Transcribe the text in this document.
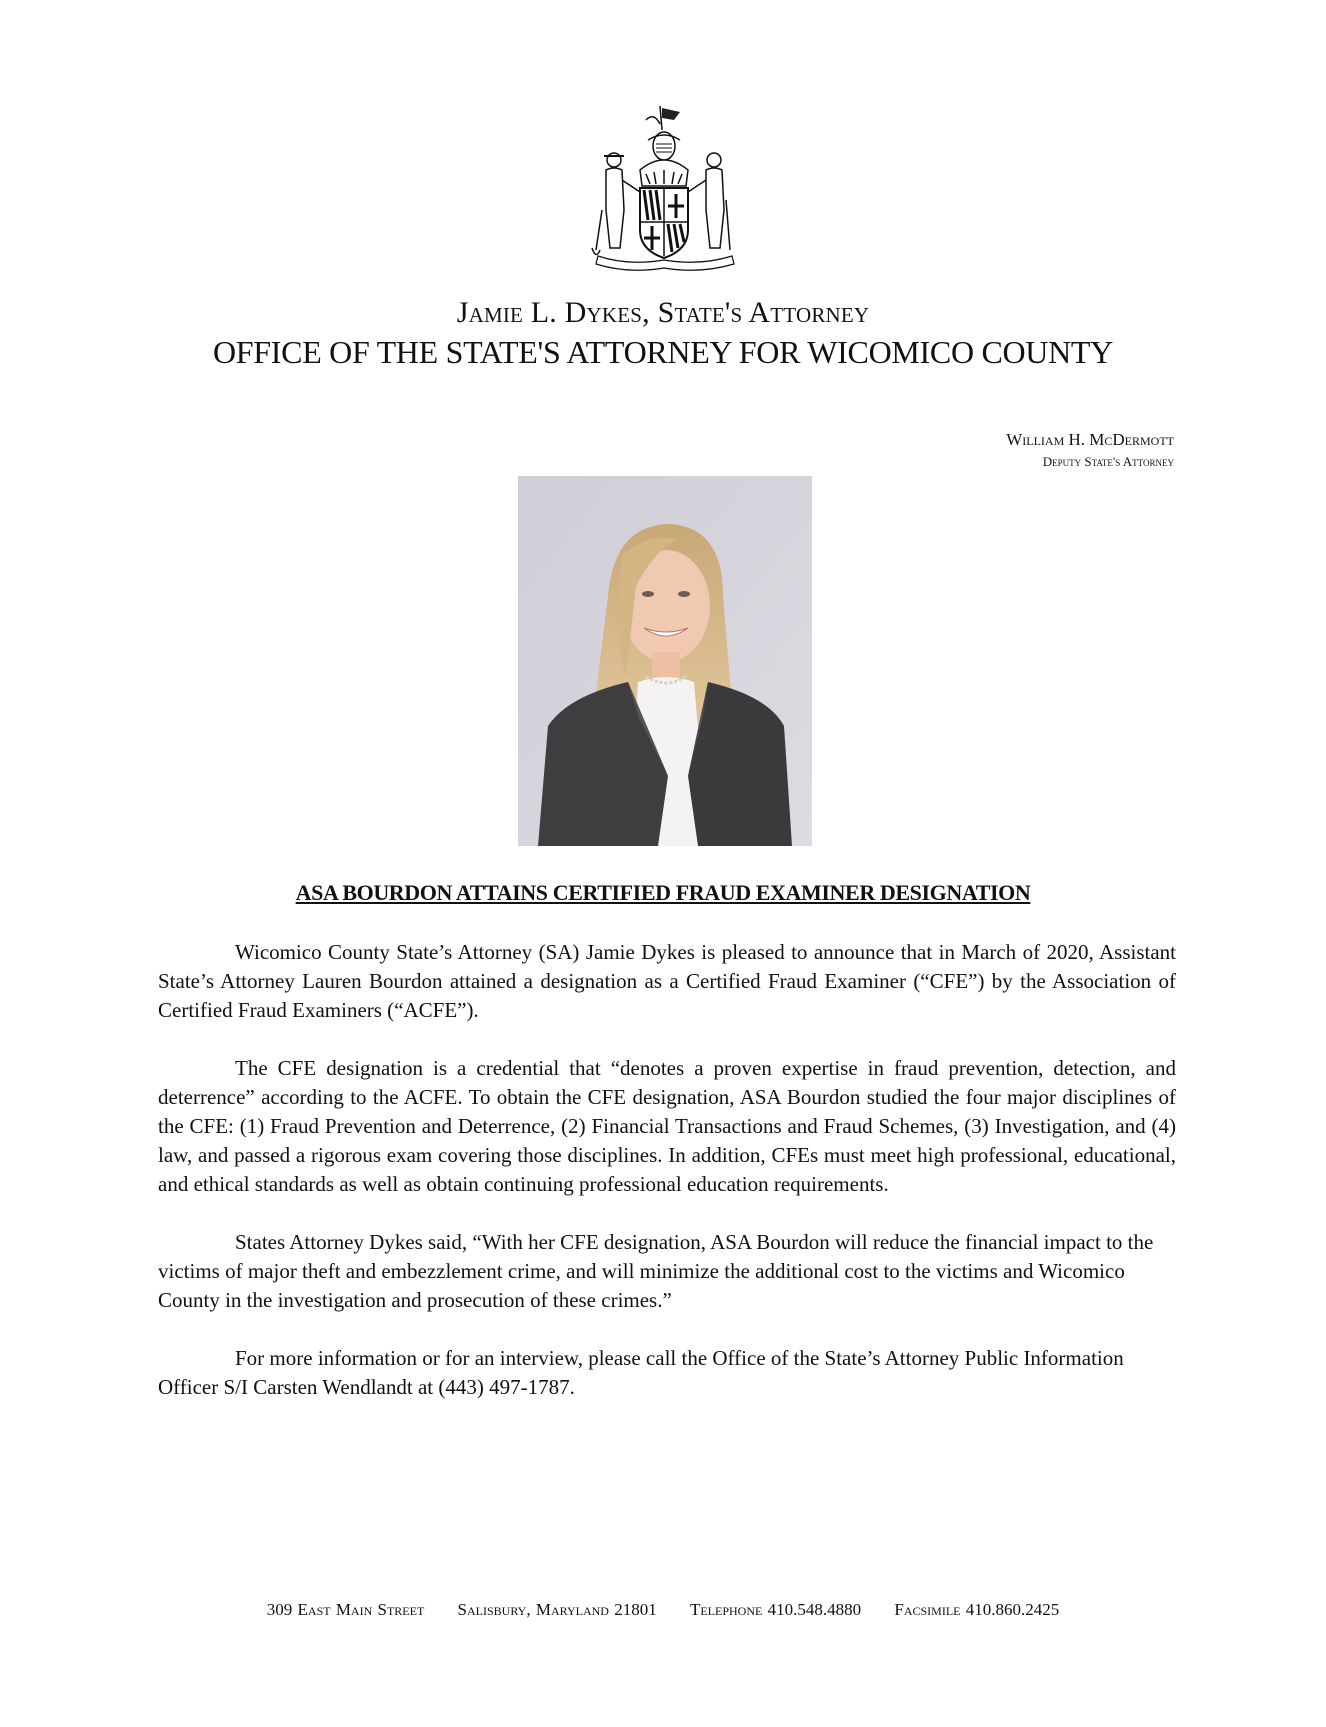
Jamie L. Dykes, State's Attorney
OFFICE OF THE STATE'S ATTORNEY FOR WICOMICO COUNTY
William H. McDermott
Deputy State's Attorney
ASA BOURDON ATTAINS CERTIFIED FRAUD EXAMINER DESIGNATION

Wicomico County State’s Attorney (SA) Jamie Dykes is pleased to announce that in March of 2020, Assistant State’s Attorney Lauren Bourdon attained a designation as a Certified Fraud Examiner (“CFE”) by the Association of Certified Fraud Examiners (“ACFE”).

The CFE designation is a credential that “denotes a proven expertise in fraud prevention, detection, and deterrence” according to the ACFE. To obtain the CFE designation, ASA Bourdon studied the four major disciplines of the CFE: (1) Fraud Prevention and Deterrence, (2) Financial Transactions and Fraud Schemes, (3) Investigation, and (4) law, and passed a rigorous exam covering those disciplines. In addition, CFEs must meet high professional, educational, and ethical standards as well as obtain continuing professional education requirements.

States Attorney Dykes said, “With her CFE designation, ASA Bourdon will reduce the financial impact to the victims of major theft and embezzlement crime, and will minimize the additional cost to the victims and Wicomico County in the investigation and prosecution of these crimes.”

For more information or for an interview, please call the Office of the State’s Attorney Public Information Officer S/I Carsten Wendlandt at (443) 497-1787.

309 East Main Street Salisbury, Maryland 21801 Telephone 410.548.4880 Facsimile 410.860.2425
